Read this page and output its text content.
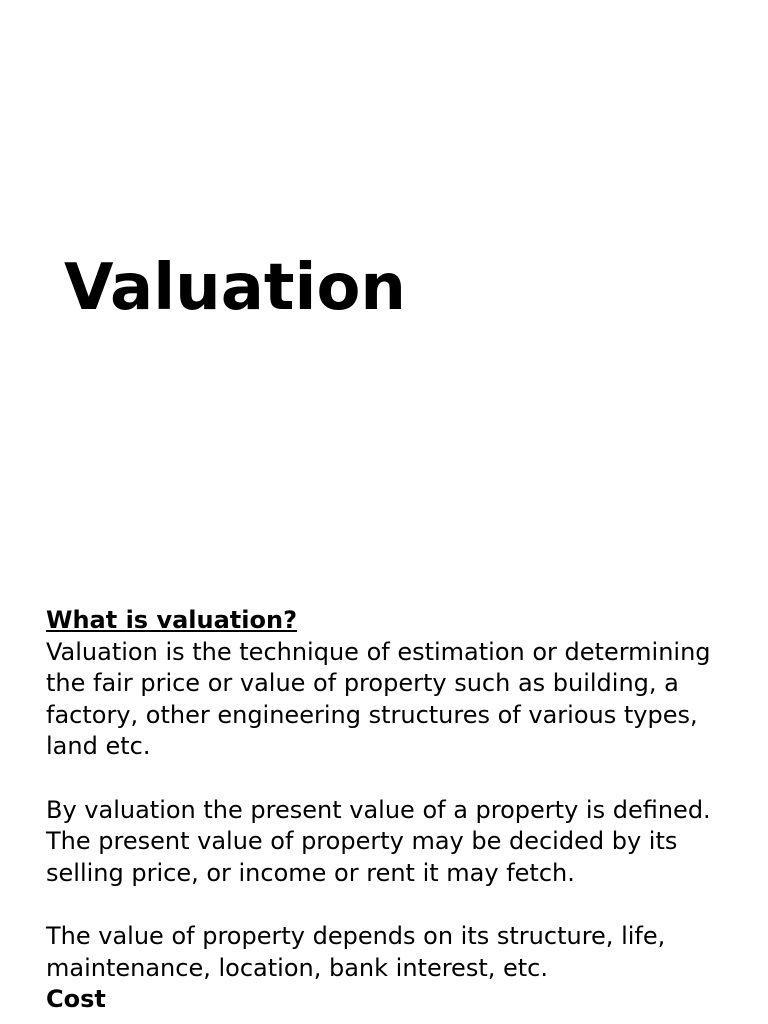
Valuation
What is valuation?

Valuation is the technique of estimation or determining the fair price or value of property such as building, a factory, other engineering structures of various types, land etc.

By valuation the present value of a property is defined. The present value of property may be decided by its selling price, or income or rent it may fetch.

The value of property depends on its structure, life, maintenance, location, bank interest, etc.

Cost
